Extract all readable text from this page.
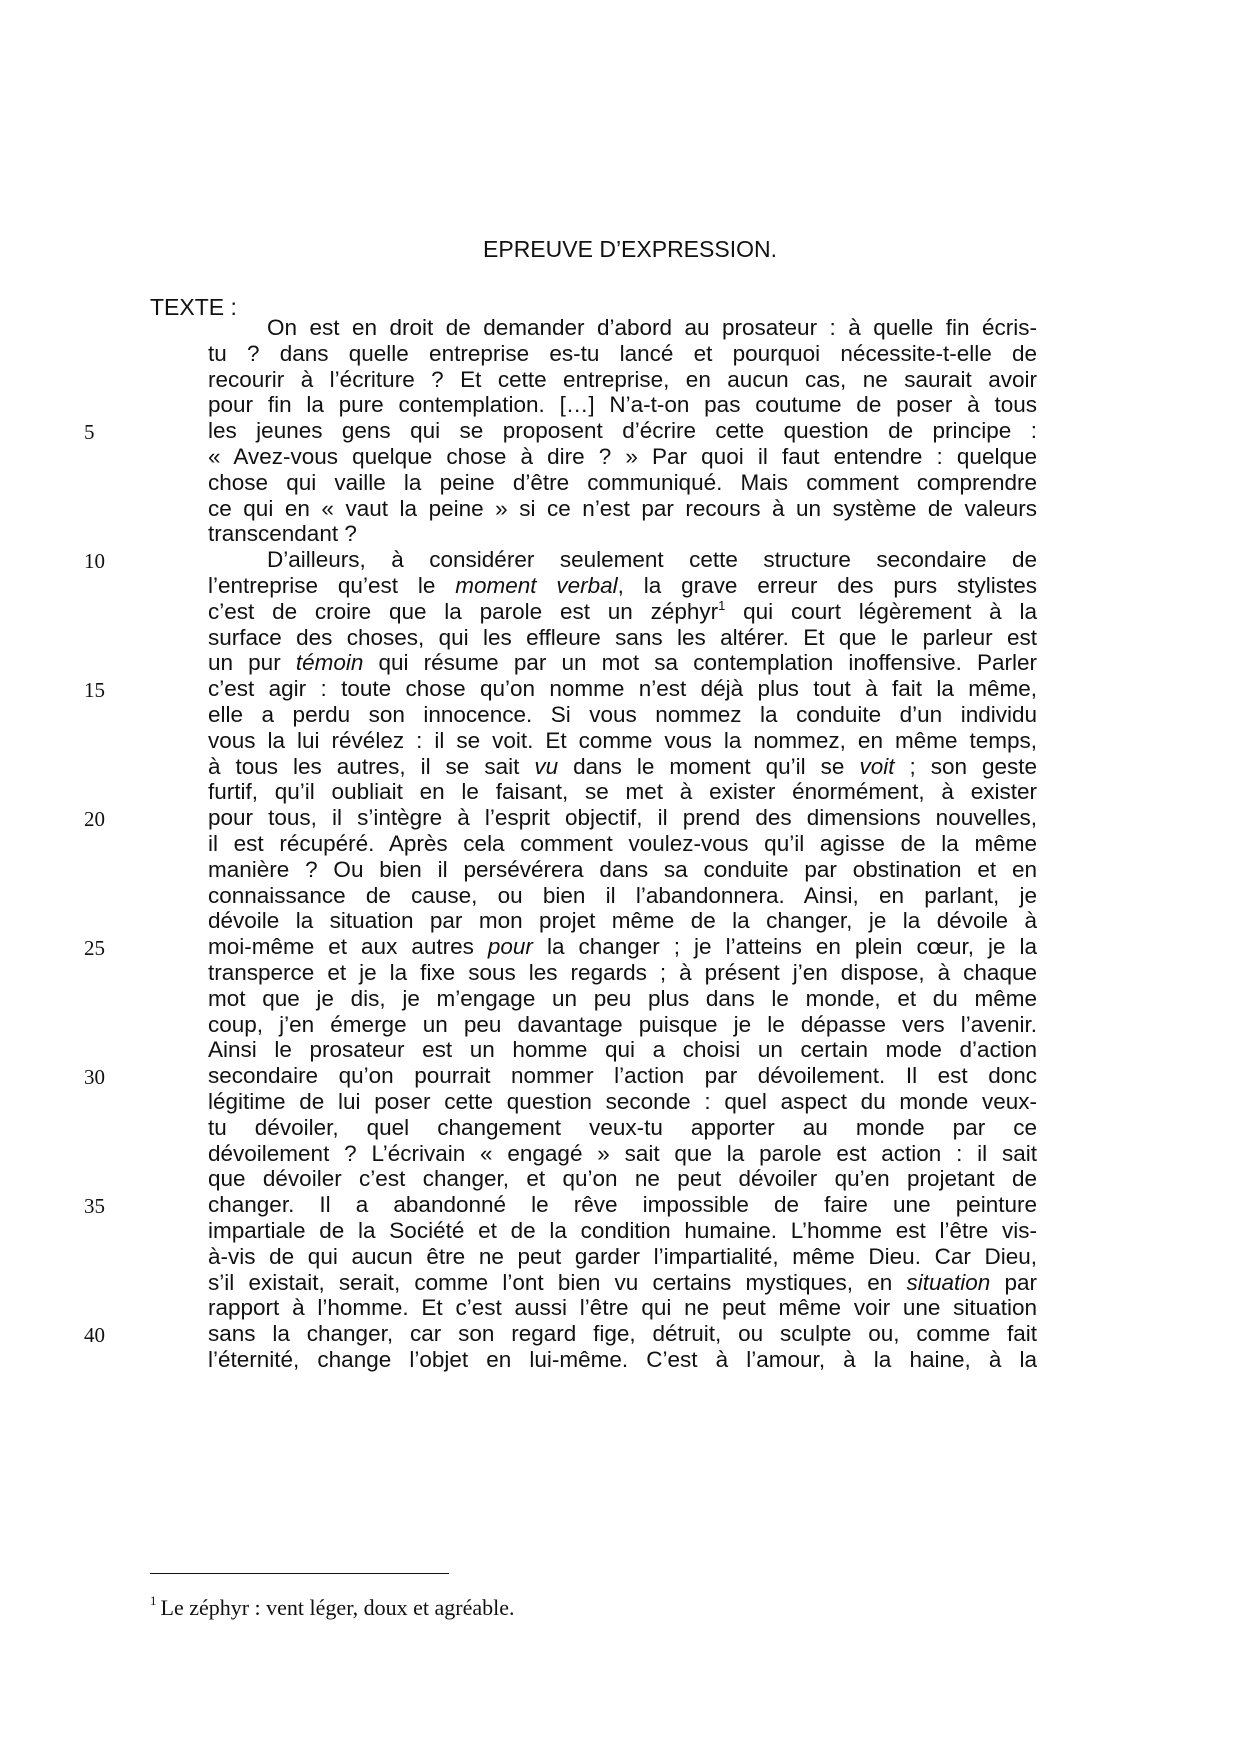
EPREUVE D’EXPRESSION.
TEXTE :
5
10
15
20
25
30
35
40
On est en droit de demander d’abord au prosateur : à quelle fin écris-
tu ? dans quelle entreprise es-tu lancé et pourquoi nécessite-t-elle de
recourir à l’écriture ? Et cette entreprise, en aucun cas, ne saurait avoir
pour fin la pure contemplation. […] N’a-t-on pas coutume de poser à tous
les jeunes gens qui se proposent d’écrire cette question de principe :
« Avez-vous quelque chose à dire ? » Par quoi il faut entendre : quelque
chose qui vaille la peine d’être communiqué. Mais comment comprendre
ce qui en « vaut la peine » si ce n’est par recours à un système de valeurs
transcendant ?
D’ailleurs, à considérer seulement cette structure secondaire de
l’entreprise qu’est le moment verbal, la grave erreur des purs stylistes
c’est de croire que la parole est un zéphyr$^1$ qui court légèrement à la
surface des choses, qui les effleure sans les altérer. Et que le parleur est
un pur témoin qui résume par un mot sa contemplation inoffensive. Parler
c’est agir : toute chose qu’on nomme n’est déjà plus tout à fait la même,
elle a perdu son innocence. Si vous nommez la conduite d’un individu
vous la lui révélez : il se voit. Et comme vous la nommez, en même temps,
à tous les autres, il se sait vu dans le moment qu’il se voit ; son geste
furtif, qu’il oubliait en le faisant, se met à exister énormément, à exister
pour tous, il s’intègre à l’esprit objectif, il prend des dimensions nouvelles,
il est récupéré. Après cela comment voulez-vous qu’il agisse de la même
manière ? Ou bien il persévérera dans sa conduite par obstination et en
connaissance de cause, ou bien il l’abandonnera. Ainsi, en parlant, je
dévoile la situation par mon projet même de la changer, je la dévoile à
moi-même et aux autres pour la changer ; je l’atteins en plein cœur, je la
transperce et je la fixe sous les regards ; à présent j’en dispose, à chaque
mot que je dis, je m’engage un peu plus dans le monde, et du même
coup, j’en émerge un peu davantage puisque je le dépasse vers l’avenir.
Ainsi le prosateur est un homme qui a choisi un certain mode d’action
secondaire qu’on pourrait nommer l’action par dévoilement. Il est donc
légitime de lui poser cette question seconde : quel aspect du monde veux-
tu dévoiler, quel changement veux-tu apporter au monde par ce
dévoilement ? L’écrivain « engagé » sait que la parole est action : il sait
que dévoiler c’est changer, et qu’on ne peut dévoiler qu’en projetant de
changer. Il a abandonné le rêve impossible de faire une peinture
impartiale de la Société et de la condition humaine. L’homme est l’être vis-
à-vis de qui aucun être ne peut garder l’impartialité, même Dieu. Car Dieu,
s’il existait, serait, comme l’ont bien vu certains mystiques, en situation par
rapport à l’homme. Et c’est aussi l’être qui ne peut même voir une situation
sans la changer, car son regard fige, détruit, ou sculpte ou, comme fait
l’éternité, change l’objet en lui-même. C’est à l’amour, à la haine, à la
$^1$ Le zéphyr : vent léger, doux et agréable.
